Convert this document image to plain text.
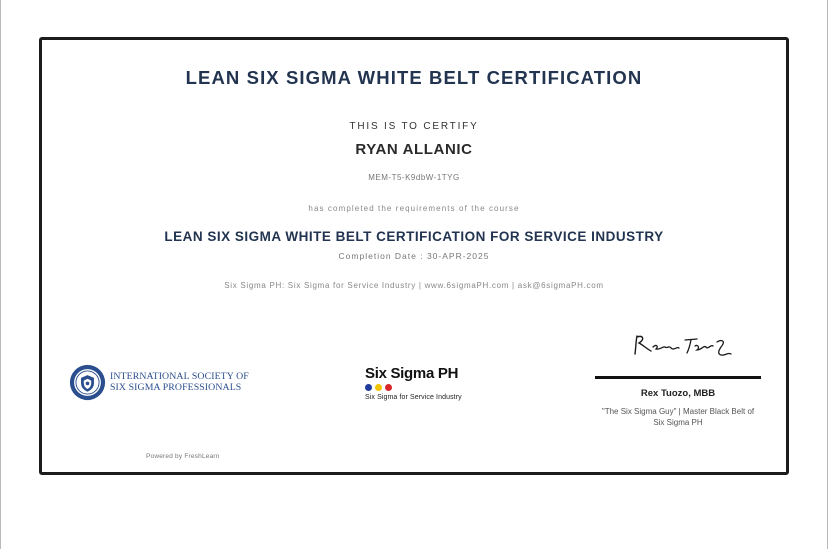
LEAN SIX SIGMA WHITE BELT CERTIFICATION
THIS IS TO CERTIFY
RYAN ALLANIC
MEM-T5-K9dbW-1TYG
has completed the requirements of the course
LEAN SIX SIGMA WHITE BELT CERTIFICATION FOR SERVICE INDUSTRY
Completion Date : 30-APR-2025
Six Sigma PH: Six Sigma for Service Industry | www.6sigmaPH.com | ask@6sigmaPH.com
INTERNATIONAL SOCIETY OF
SIX SIGMA PROFESSIONALS
Six Sigma PH
Six Sigma for Service Industry	Rex Tuozo, MBB
"The Six Sigma Guy" | Master Black Belt of
Six Sigma PH
Powered by FreshLearn
